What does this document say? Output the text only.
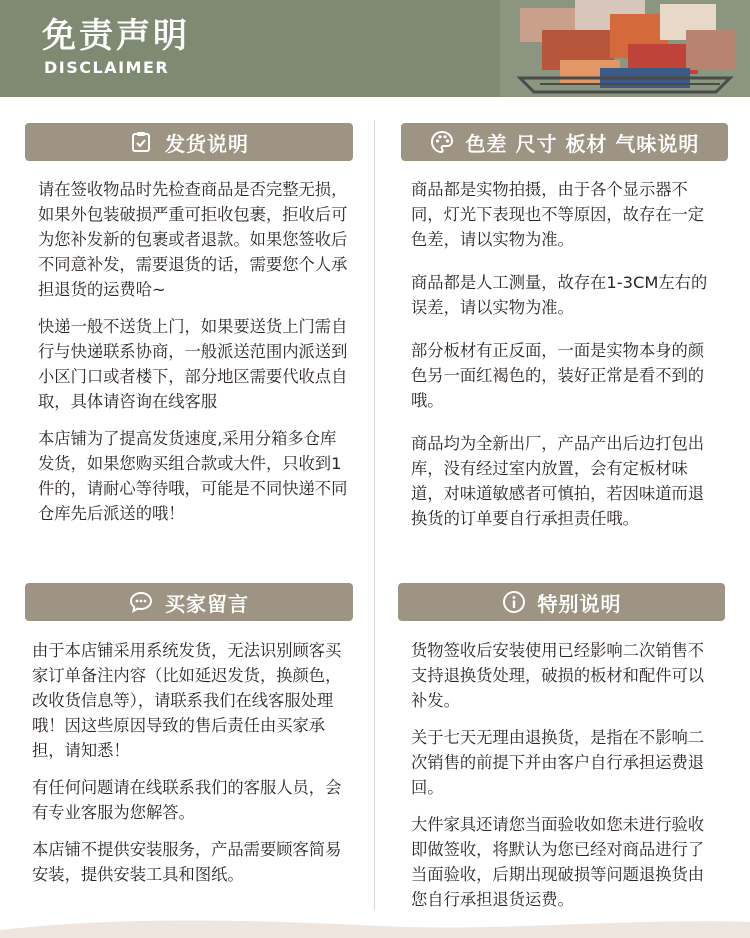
免责声明
DISCLAIMER
发货说明	色差 尺寸 板材 气味说明
买家留言	特别说明

请在签收物品时先检查商品是否完整无损，如果外包装破损严重可拒收包裹，拒收后可为您补发新的包裹或者退款。如果您签收后不同意补发，需要退货的话，需要您个人承担退货的运费哈~

快递一般不送货上门，如果要送货上门需自行与快递联系协商，一般派送范围内派送到小区门口或者楼下，部分地区需要代收点自取，具体请咨询在线客服

本店铺为了提高发货速度,采用分箱多仓库发货，如果您购买组合款或大件，只收到1件的，请耐心等待哦，可能是不同快递不同仓库先后派送的哦！

商品都是实物拍摄，由于各个显示器不同，灯光下表现也不等原因，故存在一定色差，请以实物为准。

商品都是人工测量，故存在1-3CM左右的误差，请以实物为准。

部分板材有正反面，一面是实物本身的颜色另一面红褐色的，装好正常是看不到的哦。

商品均为全新出厂，产品产出后边打包出库，没有经过室内放置，会有定板材味道，对味道敏感者可慎拍，若因味道而退换货的订单要自行承担责任哦。

由于本店铺采用系统发货，无法识别顾客买家订单备注内容（比如延迟发货，换颜色，改收货信息等），请联系我们在线客服处理哦！因这些原因导致的售后责任由买家承担，请知悉！

有任何问题请在线联系我们的客服人员，会有专业客服为您解答。

本店铺不提供安装服务，产品需要顾客简易安装，提供安装工具和图纸。

货物签收后安装使用已经影响二次销售不支持退换货处理，破损的板材和配件可以补发。

关于七天无理由退换货，是指在不影响二次销售的前提下并由客户自行承担运费退回。

大件家具还请您当面验收如您未进行验收即做签收，将默认为您已经对商品进行了当面验收，后期出现破损等问题退换货由您自行承担退货运费。
